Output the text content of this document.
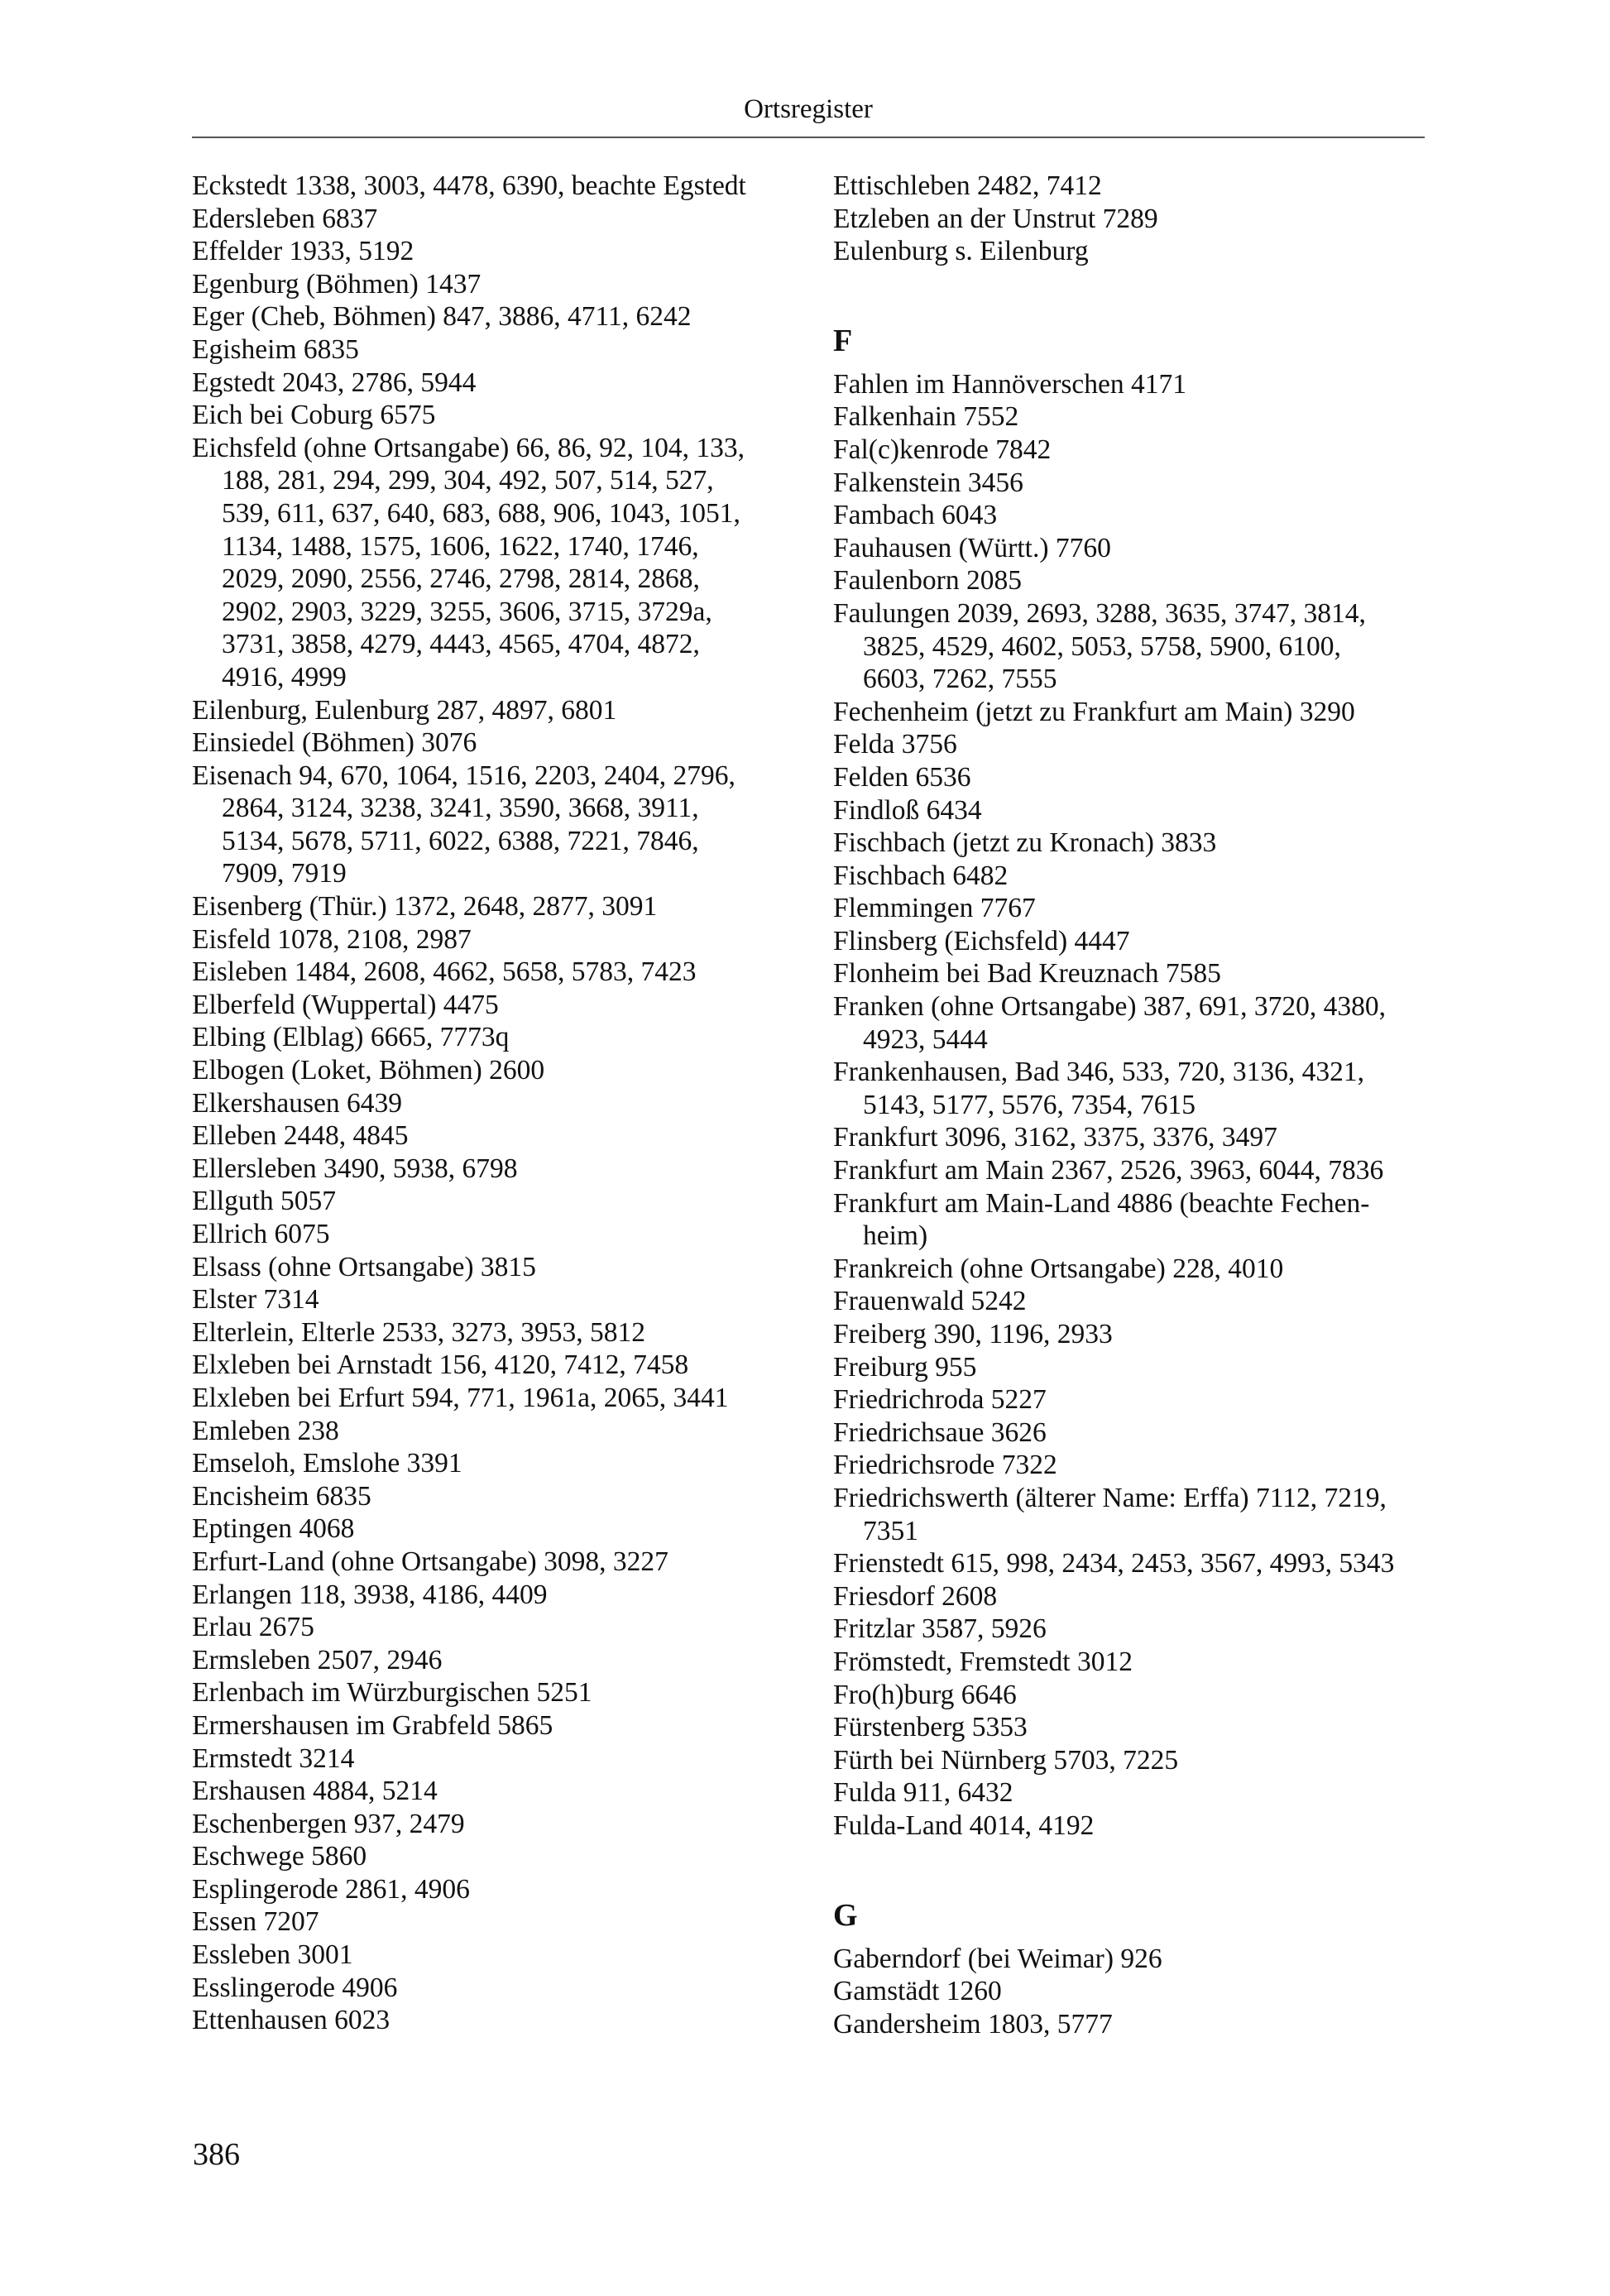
Ortsregister
Eckstedt 1338, 3003, 4478, 6390, beachte Egstedt
Edersleben 6837
Effelder 1933, 5192
Egenburg (Böhmen) 1437
Eger (Cheb, Böhmen) 847, 3886, 4711, 6242
Egisheim 6835
Egstedt 2043, 2786, 5944
Eich bei Coburg 6575
Eichsfeld (ohne Ortsangabe) 66, 86, 92, 104, 133,
188, 281, 294, 299, 304, 492, 507, 514, 527,
539, 611, 637, 640, 683, 688, 906, 1043, 1051,
1134, 1488, 1575, 1606, 1622, 1740, 1746,
2029, 2090, 2556, 2746, 2798, 2814, 2868,
2902, 2903, 3229, 3255, 3606, 3715, 3729a,
3731, 3858, 4279, 4443, 4565, 4704, 4872,
4916, 4999
Eilenburg, Eulenburg 287, 4897, 6801
Einsiedel (Böhmen) 3076
Eisenach 94, 670, 1064, 1516, 2203, 2404, 2796,
2864, 3124, 3238, 3241, 3590, 3668, 3911,
5134, 5678, 5711, 6022, 6388, 7221, 7846,
7909, 7919
Eisenberg (Thür.) 1372, 2648, 2877, 3091
Eisfeld 1078, 2108, 2987
Eisleben 1484, 2608, 4662, 5658, 5783, 7423
Elberfeld (Wuppertal) 4475
Elbing (Elblag) 6665, 7773q
Elbogen (Loket, Böhmen) 2600
Elkershausen 6439
Elleben 2448, 4845
Ellersleben 3490, 5938, 6798
Ellguth 5057
Ellrich 6075
Elsass (ohne Ortsangabe) 3815
Elster 7314
Elterlein, Elterle 2533, 3273, 3953, 5812
Elxleben bei Arnstadt 156, 4120, 7412, 7458
Elxleben bei Erfurt 594, 771, 1961a, 2065, 3441
Emleben 238
Emseloh, Emslohe 3391
Encisheim 6835
Eptingen 4068
Erfurt-Land (ohne Ortsangabe) 3098, 3227
Erlangen 118, 3938, 4186, 4409
Erlau 2675
Ermsleben 2507, 2946
Erlenbach im Würzburgischen 5251
Ermershausen im Grabfeld 5865
Ermstedt 3214
Ershausen 4884, 5214
Eschenbergen 937, 2479
Eschwege 5860
Esplingerode 2861, 4906
Essen 7207
Essleben 3001
Esslingerode 4906
Ettenhausen 6023
Ettischleben 2482, 7412
Etzleben an der Unstrut 7289
Eulenburg s. Eilenburg
F
Fahlen im Hannöverschen 4171
Falkenhain 7552
Fal(c)kenrode 7842
Falkenstein 3456
Fambach 6043
Fauhausen (Württ.) 7760
Faulenborn 2085
Faulungen 2039, 2693, 3288, 3635, 3747, 3814,
3825, 4529, 4602, 5053, 5758, 5900, 6100,
6603, 7262, 7555
Fechenheim (jetzt zu Frankfurt am Main) 3290
Felda 3756
Felden 6536
Findloß 6434
Fischbach (jetzt zu Kronach) 3833
Fischbach 6482
Flemmingen 7767
Flinsberg (Eichsfeld) 4447
Flonheim bei Bad Kreuznach 7585
Franken (ohne Ortsangabe) 387, 691, 3720, 4380,
4923, 5444
Frankenhausen, Bad 346, 533, 720, 3136, 4321,
5143, 5177, 5576, 7354, 7615
Frankfurt 3096, 3162, 3375, 3376, 3497
Frankfurt am Main 2367, 2526, 3963, 6044, 7836
Frankfurt am Main-Land 4886 (beachte Fechen-
heim)
Frankreich (ohne Ortsangabe) 228, 4010
Frauenwald 5242
Freiberg 390, 1196, 2933
Freiburg 955
Friedrichroda 5227
Friedrichsaue 3626
Friedrichsrode 7322
Friedrichswerth (älterer Name: Erffa) 7112, 7219,
7351
Frienstedt 615, 998, 2434, 2453, 3567, 4993, 5343
Friesdorf 2608
Fritzlar 3587, 5926
Frömstedt, Fremstedt 3012
Fro(h)burg 6646
Fürstenberg 5353
Fürth bei Nürnberg 5703, 7225
Fulda 911, 6432
Fulda-Land 4014, 4192
G
Gaberndorf (bei Weimar) 926
Gamstädt 1260
Gandersheim 1803, 5777
386
